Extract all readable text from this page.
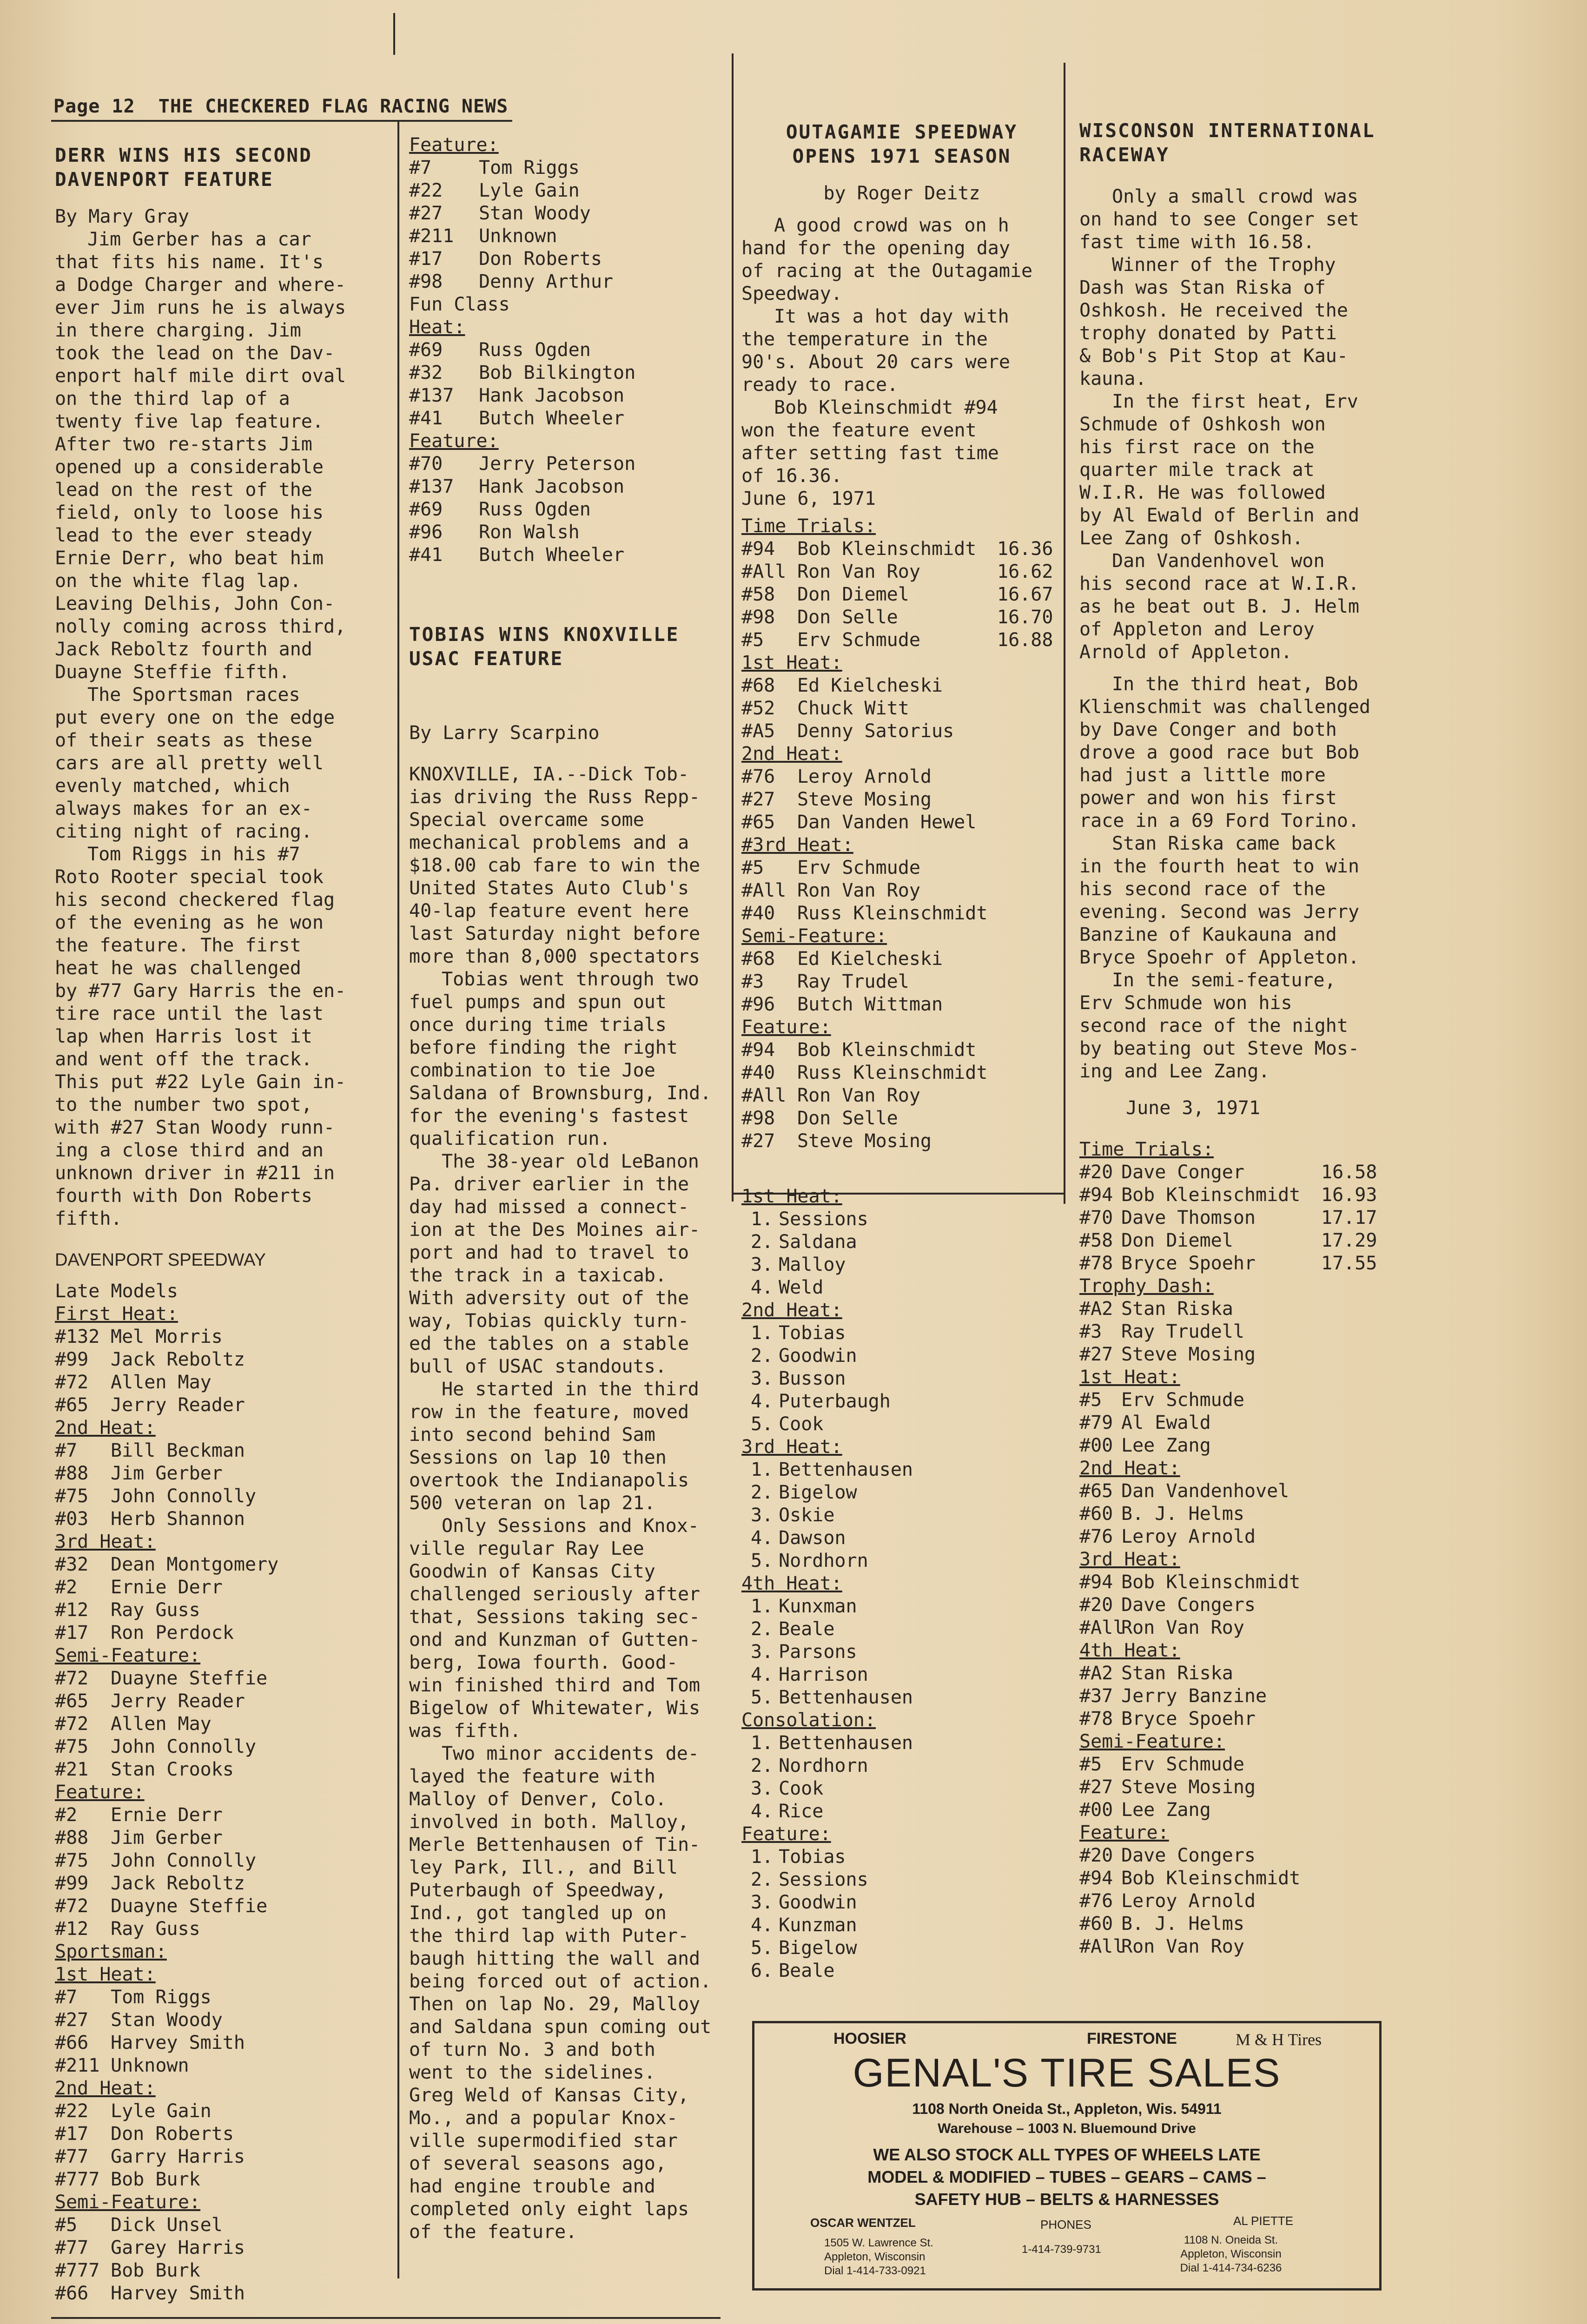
Page 12 THE CHECKERED FLAG RACING NEWS
DERR WINS HIS SECOND
DAVENPORT FEATURE
By Mary Gray
Jim Gerber has a car
that fits his name. It's
a Dodge Charger and where-
ever Jim runs he is always
in there charging. Jim
took the lead on the Dav-
enport half mile dirt oval
on the third lap of a
twenty five lap feature.
After two re-starts Jim
opened up a considerable
lead on the rest of the
field, only to loose his
lead to the ever steady
Ernie Derr, who beat him
on the white flag lap.
Leaving Delhis, John Con-
nolly coming across third,
Jack Reboltz fourth and
Duayne Steffie fifth.
The Sportsman races
put every one on the edge
of their seats as these
cars are all pretty well
evenly matched, which
always makes for an ex-
citing night of racing.
Tom Riggs in his #7
Roto Rooter special took
his second checkered flag
of the evening as he won
the feature. The first
heat he was challenged
by #77 Gary Harris the en-
tire race until the last
lap when Harris lost it
and went off the track.
This put #22 Lyle Gain in-
to the number two spot,
with #27 Stan Woody runn-
ing a close third and an
unknown driver in #211 in
fourth with Don Roberts
fifth.
DAVENPORT SPEEDWAY
Late Models
First Heat:
#132 Mel Morris
#99	Jack Reboltz
#72	Allen May
#65	Jerry Reader
2nd Heat:
#7	Bill Beckman
#88	Jim Gerber
#75	John Connolly
#03	Herb Shannon
3rd Heat:
#32	Dean Montgomery
#2	Ernie Derr
#12	Ray Guss
#17	Ron Perdock
Semi-Feature:
#72	Duayne Steffie
#65	Jerry Reader
#72	Allen May
#75	John Connolly
#21	Stan Crooks
Feature:
#2	Ernie Derr
#88	Jim Gerber
#75	John Connolly
#99	Jack Reboltz
#72	Duayne Steffie
#12	Ray Guss
Sportsman:
1st Heat:
#7	Tom Riggs
#27	Stan Woody
#66	Harvey Smith
#211 Unknown
2nd Heat:
#22	Lyle Gain
#17	Don Roberts
#77	Garry Harris
#777 Bob Burk
Semi-Feature:
#5	Dick Unsel
#77	Garey Harris
#777 Bob Burk
#66	Harvey Smith
Feature:
#7	Tom Riggs
#22	Lyle Gain
#27	Stan Woody
#211	Unknown
#17	Don Roberts
#98	Denny Arthur
Fun Class
Heat:
#69	Russ Ogden
#32	Bob Bilkington
#137	Hank Jacobson
#41	Butch Wheeler
Feature:
#70	Jerry Peterson
#137	Hank Jacobson
#69	Russ Ogden
#96	Ron Walsh
#41	Butch Wheeler
TOBIAS WINS KNOXVILLE
USAC FEATURE
By Larry Scarpino
KNOXVILLE, IA.--Dick Tob-
ias driving the Russ Repp-
Special overcame some
mechanical problems and a
$18.00 cab fare to win the
United States Auto Club's
40-lap feature event here
last Saturday night before
more than 8,000 spectators
Tobias went through two
fuel pumps and spun out
once during time trials
before finding the right
combination to tie Joe
Saldana of Brownsburg, Ind.
for the evening's fastest
qualification run.
The 38-year old LeBanon
Pa. driver earlier in the
day had missed a connect-
ion at the Des Moines air-
port and had to travel to
the track in a taxicab.
With adversity out of the
way, Tobias quickly turn-
ed the tables on a stable
bull of USAC standouts.
He started in the third
row in the feature, moved
into second behind Sam
Sessions on lap 10 then
overtook the Indianapolis
500 veteran on lap 21.
Only Sessions and Knox-
ville regular Ray Lee
Goodwin of Kansas City
challenged seriously after
that, Sessions taking sec-
ond and Kunzman of Gutten-
berg, Iowa fourth. Good-
win finished third and Tom
Bigelow of Whitewater, Wis
was fifth.
Two minor accidents de-
layed the feature with
Malloy of Denver, Colo.
involved in both. Malloy,
Merle Bettenhausen of Tin-
ley Park, Ill., and Bill
Puterbaugh of Speedway,
Ind., got tangled up on
the third lap with Puter-
baugh hitting the wall and
being forced out of action.
Then on lap No. 29, Malloy
and Saldana spun coming out
of turn No. 3 and both
went to the sidelines.
Greg Weld of Kansas City,
Mo., and a popular Knox-
ville supermodified star
of several seasons ago,
had engine trouble and
completed only eight laps
of the feature.
OUTAGAMIE SPEEDWAY
OPENS 1971 SEASON
by Roger Deitz
A good crowd was on h
hand for the opening day
of racing at the Outagamie
Speedway.
It was a hot day with
the temperature in the
90's. About 20 cars were
ready to race.
Bob Kleinschmidt #94
won the feature event
after setting fast time
of 16.36.
June 6, 1971
Time Trials:
#94	Bob Kleinschmidt	16.36
#All Ron Van Roy	16.62
#58	Don Diemel	16.67
#98	Don Selle	16.70
#5	Erv Schmude	16.88
1st Heat:
#68	Ed Kielcheski
#52	Chuck Witt
#A5	Denny Satorius
2nd Heat:
#76	Leroy Arnold
#27	Steve Mosing
#65	Dan Vanden Hewel
#3rd Heat:
#5	Erv Schmude
#All Ron Van Roy
#40	Russ Kleinschmidt
Semi-Feature:
#68	Ed Kielcheski
#3	Ray Trudel
#96	Butch Wittman
Feature:
#94	Bob Kleinschmidt
#40	Russ Kleinschmidt
#All Ron Van Roy
#98	Don Selle
#27	Steve Mosing
1st Heat:
1. Sessions
2. Saldana
3. Malloy
4. Weld
2nd Heat:
1. Tobias
2. Goodwin
3. Busson
4. Puterbaugh
5. Cook
3rd Heat:
1. Bettenhausen
2. Bigelow
3. Oskie
4. Dawson
5. Nordhorn
4th Heat:
1. Kunxman
2. Beale
3. Parsons
4. Harrison
5. Bettenhausen
Consolation:
1. Bettenhausen
2. Nordhorn
3. Cook
4. Rice
Feature:
1. Tobias
2. Sessions
3. Goodwin
4. Kunzman
5. Bigelow
6. Beale
WISCONSON INTERNATIONAL
RACEWAY
Only a small crowd was
on hand to see Conger set
fast time with 16.58.
Winner of the Trophy
Dash was Stan Riska of
Oshkosh. He received the
trophy donated by Patti
& Bob's Pit Stop at Kau-
kauna.
In the first heat, Erv
Schmude of Oshkosh won
his first race on the
quarter mile track at
W.I.R. He was followed
by Al Ewald of Berlin and
Lee Zang of Oshkosh.
Dan Vandenhovel won
his second race at W.I.R.
as he beat out B. J. Helm
of Appleton and Leroy
Arnold of Appleton.
In the third heat, Bob
Klienschmit was challenged
by Dave Conger and both
drove a good race but Bob
had just a little more
power and won his first
race in a 69 Ford Torino.
Stan Riska came back
in the fourth heat to win
his second race of the
evening. Second was Jerry
Banzine of Kaukauna and
Bryce Spoehr of Appleton.
In the semi-feature,
Erv Schmude won his
second race of the night
by beating out Steve Mos-
ing and Lee Zang.
June 3, 1971
Time Trials:
#20 Dave Conger	16.58
#94 Bob Kleinschmidt	16.93
#70 Dave Thomson	17.17
#58 Don Diemel	17.29
#78 Bryce Spoehr	17.55
Trophy Dash:
#A2 Stan Riska
#3	Ray Trudell
#27 Steve Mosing
1st Heat:
#5	Erv Schmude
#79 Al Ewald
#00 Lee Zang
2nd Heat:
#65 Dan Vandenhovel
#60 B. J. Helms
#76 Leroy Arnold
3rd Heat:
#94 Bob Kleinschmidt
#20 Dave Congers
#All
Ron Van Roy
4th Heat:
#A2 Stan Riska
#37 Jerry Banzine
#78 Bryce Spoehr
Semi-Feature:
#5	Erv Schmude
#27 Steve Mosing
#00 Lee Zang
Feature:
#20 Dave Congers
#94 Bob Kleinschmidt
#76 Leroy Arnold
#60 B. J. Helms
#All
Ron Van Roy
HOOSIER	FIRESTONE	M & H Tires
GENAL'S TIRE SALES
1108 North Oneida St., Appleton, Wis. 54911
Warehouse – 1003 N. Bluemound Drive
WE ALSO STOCK ALL TYPES OF WHEELS LATE
MODEL & MODIFIED – TUBES – GEARS – CAMS –
SAFETY HUB – BELTS & HARNESSES
OSCAR WENTZEL
1505 W. Lawrence St.
Appleton, Wisconsin
Dial 1-414-733-0921
PHONES
1-414-739-9731
AL PIETTE
1108 N. Oneida St.
Appleton, Wisconsin
Dial 1-414-734-6236
